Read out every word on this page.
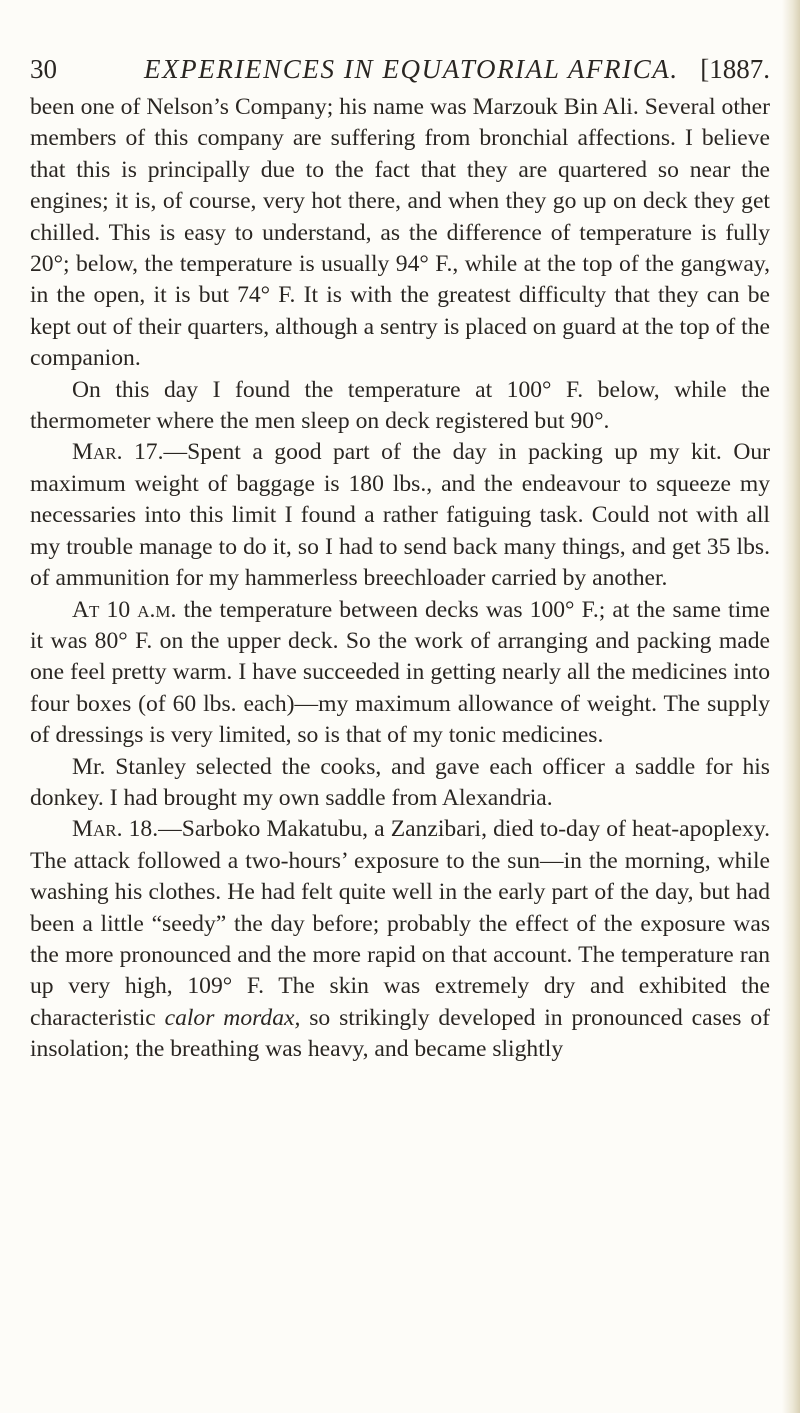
30	EXPERIENCES IN EQUATORIAL AFRICA. [1887.

been one of Nelson’s Company; his name was Marzouk Bin Ali. Several other members of this company are suffering from bronchial affections. I believe that this is principally due to the fact that they are quartered so near the engines; it is, of course, very hot there, and when they go up on deck they get chilled. This is easy to understand, as the difference of temperature is fully 20°; below, the temperature is usually 94° F., while at the top of the gangway, in the open, it is but 74° F. It is with the greatest difficulty that they can be kept out of their quarters, although a sentry is placed on guard at the top of the companion.

On this day I found the temperature at 100° F. below, while the thermometer where the men sleep on deck registered but 90°.

Mar. 17.—Spent a good part of the day in packing up my kit. Our maximum weight of baggage is 180 lbs., and the endeavour to squeeze my necessaries into this limit I found a rather fatiguing task. Could not with all my trouble manage to do it, so I had to send back many things, and get 35 lbs. of ammunition for my hammerless breechloader carried by another.

At 10 a.m. the temperature between decks was 100° F.; at the same time it was 80° F. on the upper deck. So the work of arranging and packing made one feel pretty warm. I have succeeded in getting nearly all the medicines into four boxes (of 60 lbs. each)—my maximum allowance of weight. The supply of dressings is very limited, so is that of my tonic medicines.

Mr. Stanley selected the cooks, and gave each officer a saddle for his donkey. I had brought my own saddle from Alexandria.

Mar. 18.—Sarboko Makatubu, a Zanzibari, died to-day of heat-apoplexy. The attack followed a two-hours’ exposure to the sun—in the morning, while washing his clothes. He had felt quite well in the early part of the day, but had been a little “seedy” the day before; probably the effect of the exposure was the more pronounced and the more rapid on that account. The temperature ran up very high, 109° F. The skin was extremely dry and exhibited the characteristic calor mordax, so strikingly developed in pronounced cases of insolation; the breathing was heavy, and became slightly
